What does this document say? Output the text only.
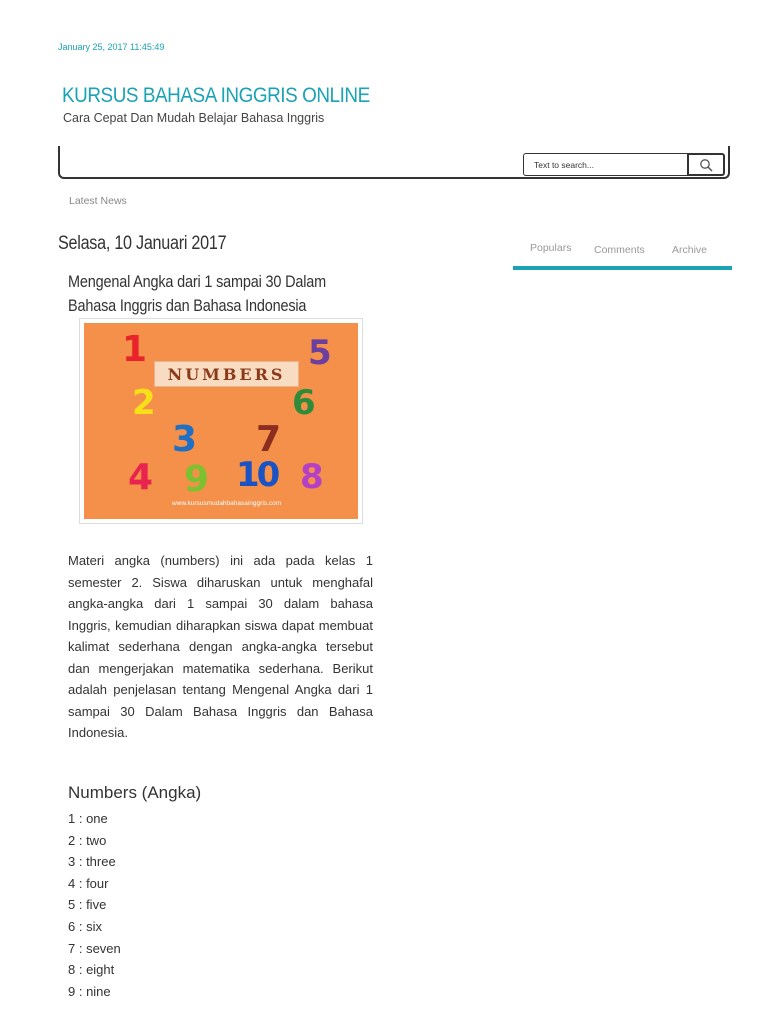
January 25, 2017 11:45:49
KURSUS BAHASA INGGRIS ONLINE
Cara Cepat Dan Mudah Belajar Bahasa Inggris
Text to search...
Latest News
Selasa, 10 Januari 2017
Mengenal Angka dari 1 sampai 30 Dalam Bahasa Inggris dan Bahasa Indonesia
NUMBERS
1	5
2	6
3 7
4 9 10 8
www.kursusmudahbahasainggris.com
Materi angka (numbers) ini ada pada kelas 1 semester 2. Siswa diharuskan untuk menghafal angka-angka dari 1 sampai 30 dalam bahasa Inggris, kemudian diharapkan siswa dapat membuat kalimat sederhana dengan angka-angka tersebut dan mengerjakan matematika sederhana. Berikut adalah penjelasan tentang Mengenal Angka dari 1 sampai 30 Dalam Bahasa Inggris dan Bahasa Indonesia.
Numbers (Angka)
1 : one
2 : two
3 : three
4 : four
5 : five
6 : six
7 : seven
8 : eight
9 : nine
Populars Comments	Archive
